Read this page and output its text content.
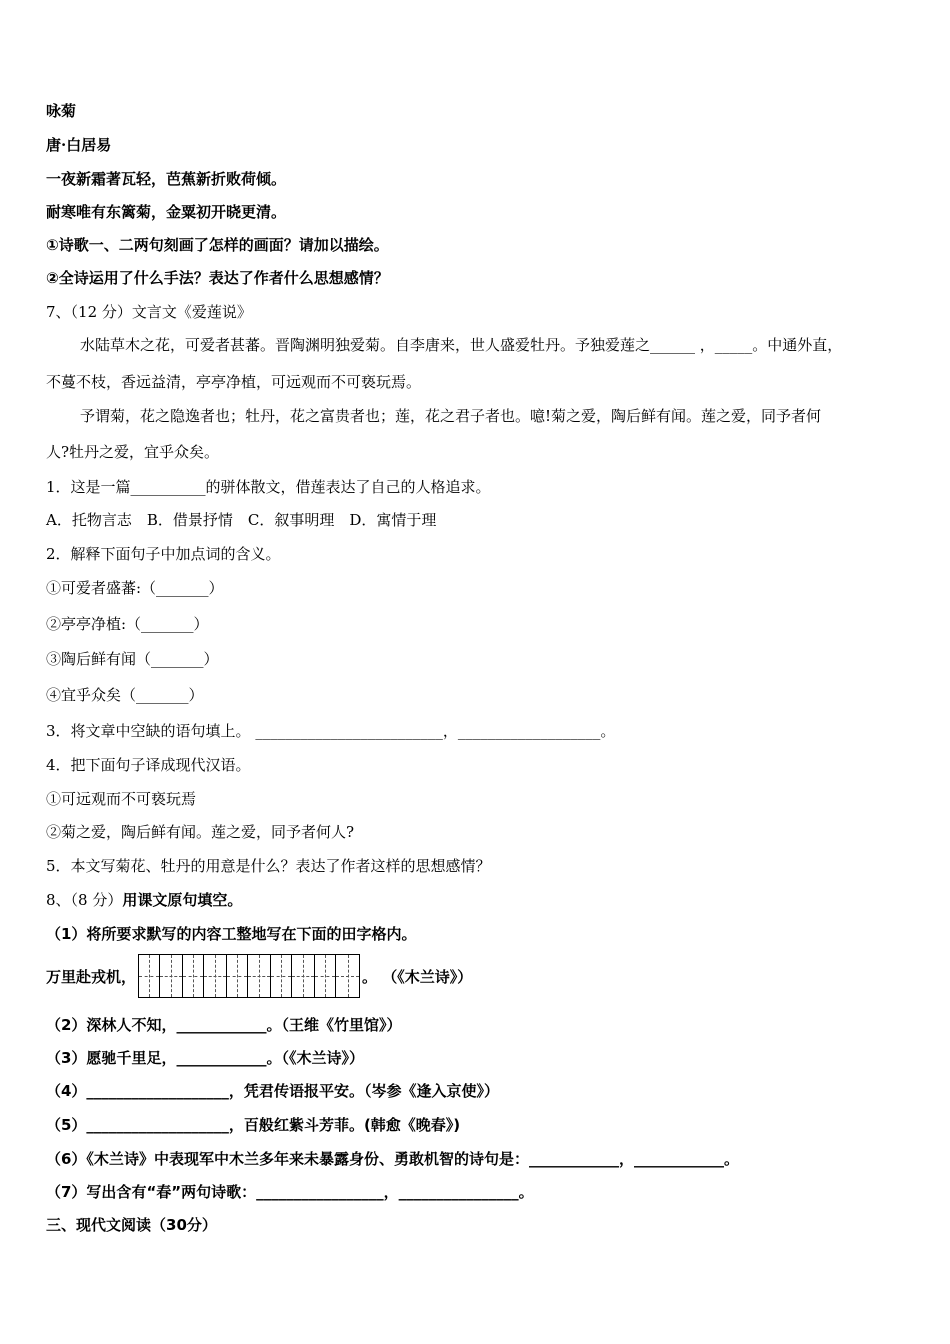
咏菊
唐·白居易
一夜新霜著瓦轻，芭蕉新折败荷倾。
耐寒唯有东篱菊，金粟初开晓更清。
①诗歌一、二两句刻画了怎样的画面？请加以描绘。
②全诗运用了什么手法？表达了作者什么思想感情？
7、（12 分）文言文《爱莲说》
水陆草木之花，可爱者甚蕃。晋陶渊明独爱菊。自李唐来，世人盛爱牡丹。予独爱莲之______ ，_____。中通外直，
不蔓不枝，香远益清，亭亭净植，可远观而不可亵玩焉。
予谓菊，花之隐逸者也；牡丹，花之富贵者也；莲，花之君子者也。噫!菊之爱，陶后鲜有闻。莲之爱，同予者何
人?牡丹之爱，宜乎众矣。
1．这是一篇__________的骈体散文，借莲表达了自己的人格追求。
A．托物言志　B．借景抒情　C．叙事明理　D．寓情于理
2．解释下面句子中加点词的含义。
①可爱者盛蕃:（_______）
②亭亭净植:（_______）
③陶后鲜有闻（_______）
④宜乎众矣（_______）
3．将文章中空缺的语句填上。 _________________________，___________________。
4．把下面句子译成现代汉语。
①可远观而不可亵玩焉
②菊之爱，陶后鲜有闻。莲之爱，同予者何人?
5．本文写菊花、牡丹的用意是什么？表达了作者这样的思想感情？
8、（8 分）用课文原句填空。
（1）将所要求默写的内容工整地写在下面的田字格内。
万里赴戎机，	。 （《木兰诗》）
（2）深林人不知，____________。（王维《竹里馆》）
（3）愿驰千里足，____________。（《木兰诗》）
（4）___________________，凭君传语报平安。（岑参《逢入京使》）
（5）___________________，百般红紫斗芳菲。(韩愈《晚春》)
（6）《木兰诗》中表现军中木兰多年来未暴露身份、勇敢机智的诗句是：____________，____________。
（7）写出含有“春”两句诗歌：_________________，________________。
三、现代文阅读（30分）
